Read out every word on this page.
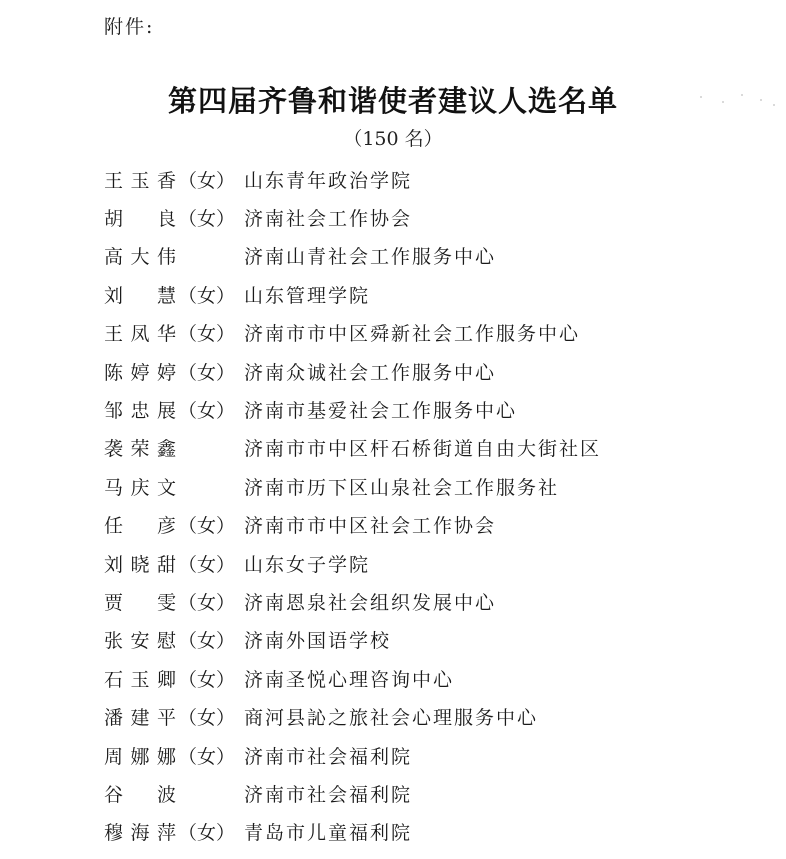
附件:
第四届齐鲁和谐使者建议人选名单
（150 名）
王 玉 香 （女） 山东青年政治学院
胡 良 （女） 济南社会工作协会
高 大 伟	济南山青社会工作服务中心
刘 慧 （女） 山东管理学院
王 凤 华 （女） 济南市市中区舜新社会工作服务中心
陈 婷 婷 （女） 济南众诚社会工作服务中心
邹 忠 展 （女） 济南市基爱社会工作服务中心
袭 荣 鑫	济南市市中区杆石桥街道自由大街社区
马 庆 文	济南市历下区山泉社会工作服务社
任 彦 （女） 济南市市中区社会工作协会
刘 晓 甜 （女） 山东女子学院
贾 雯 （女） 济南恩泉社会组织发展中心
张 安 慰 （女） 济南外国语学校
石 玉 卿 （女） 济南圣悦心理咨询中心
潘 建 平 （女） 商河县訫之旅社会心理服务中心
周 娜 娜 （女） 济南市社会福利院
谷 波	济南市社会福利院
穆 海 萍 （女） 青岛市儿童福利院
